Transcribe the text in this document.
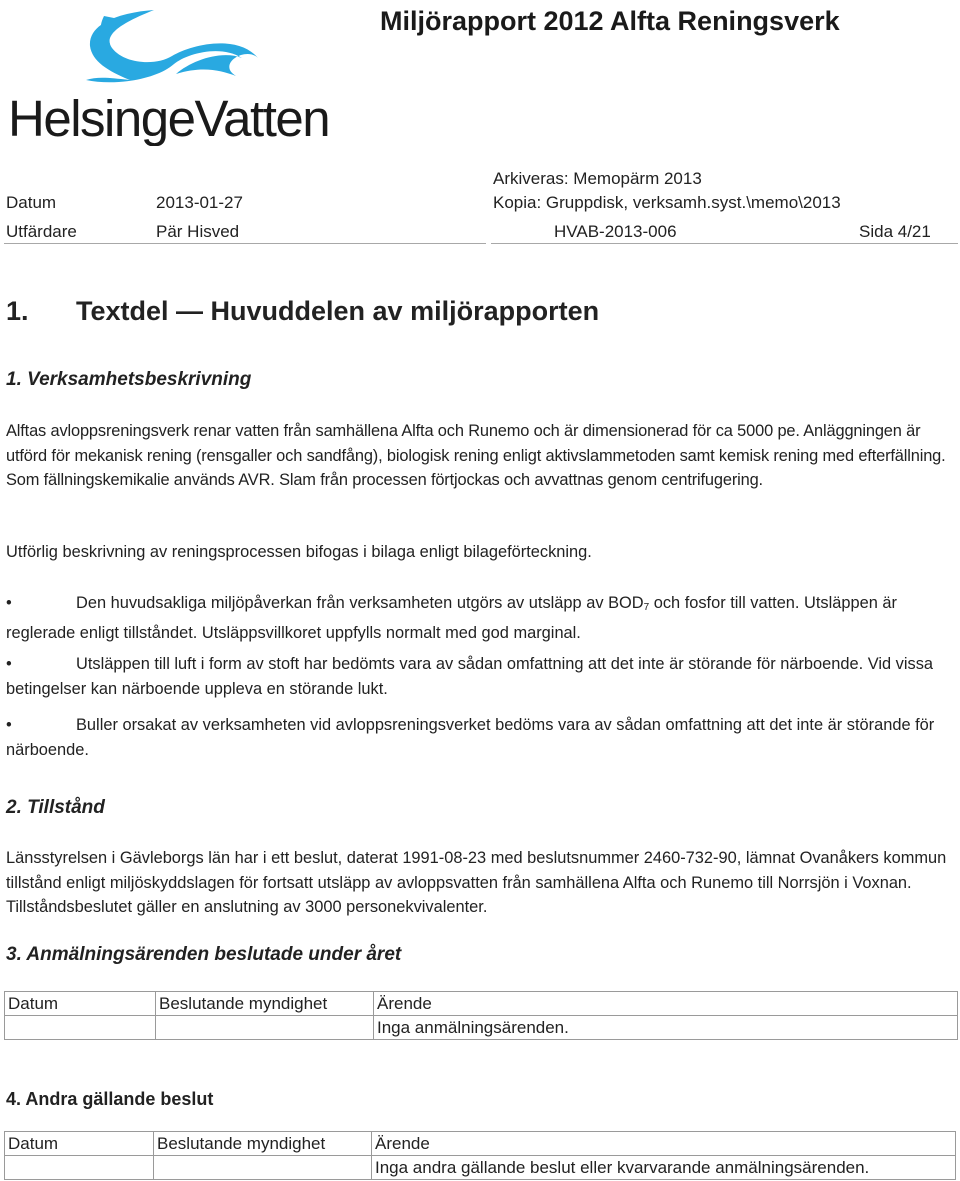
HelsingeVatten
Miljörapport 2012 Alfta Reningsverk
Arkiveras: Memopärm 2013
Datum	2013-01-27	Kopia: Gruppdisk, verksamh.syst.\memo\2013
Utfärdare	Pär Hisved	HVAB-2013-006	Sida 4/21
1. Textdel — Huvuddelen av miljörapporten
1. Verksamhetsbeskrivning
Alftas avloppsreningsverk renar vatten från samhällena Alfta och Runemo och är dimensionerad för ca 5000 pe. Anläggningen är utförd för mekanisk rening (rensgaller och sandfång), biologisk rening enligt aktivslammetoden samt kemisk rening med efterfällning. Som fällningskemikalie används AVR. Slam från processen förtjockas och avvattnas genom centrifugering.
Utförlig beskrivning av reningsprocessen bifogas i bilaga enligt bilageförteckning.
•	Den huvudsakliga miljöpåverkan från verksamheten utgörs av utsläpp av $BOD_7$ och fosfor till vatten. Utsläppen är reglerade enligt tillståndet. Utsläppsvillkoret uppfylls normalt med god marginal.
•	Utsläppen till luft i form av stoft har bedömts vara av sådan omfattning att det inte är störande för närboende. Vid vissa betingelser kan närboende uppleva en störande lukt.
•	Buller orsakat av verksamheten vid avloppsreningsverket bedöms vara av sådan omfattning att det inte är störande för närboende.
2. Tillstånd
Länsstyrelsen i Gävleborgs län har i ett beslut, daterat 1991-08-23 med beslutsnummer 2460-732-90, lämnat Ovanåkers kommun tillstånd enligt miljöskyddslagen för fortsatt utsläpp av avloppsvatten från samhällena Alfta och Runemo till Norrsjön i Voxnan. Tillståndsbeslutet gäller en anslutning av 3000 personekvivalenter.
3. Anmälningsärenden beslutade under året
Datum	Beslutande myndighet	Ärende
		Inga anmälningsärenden.
4. Andra gällande beslut
Datum	Beslutande myndighet	Ärende
		Inga andra gällande beslut eller kvarvarande anmälningsärenden.
